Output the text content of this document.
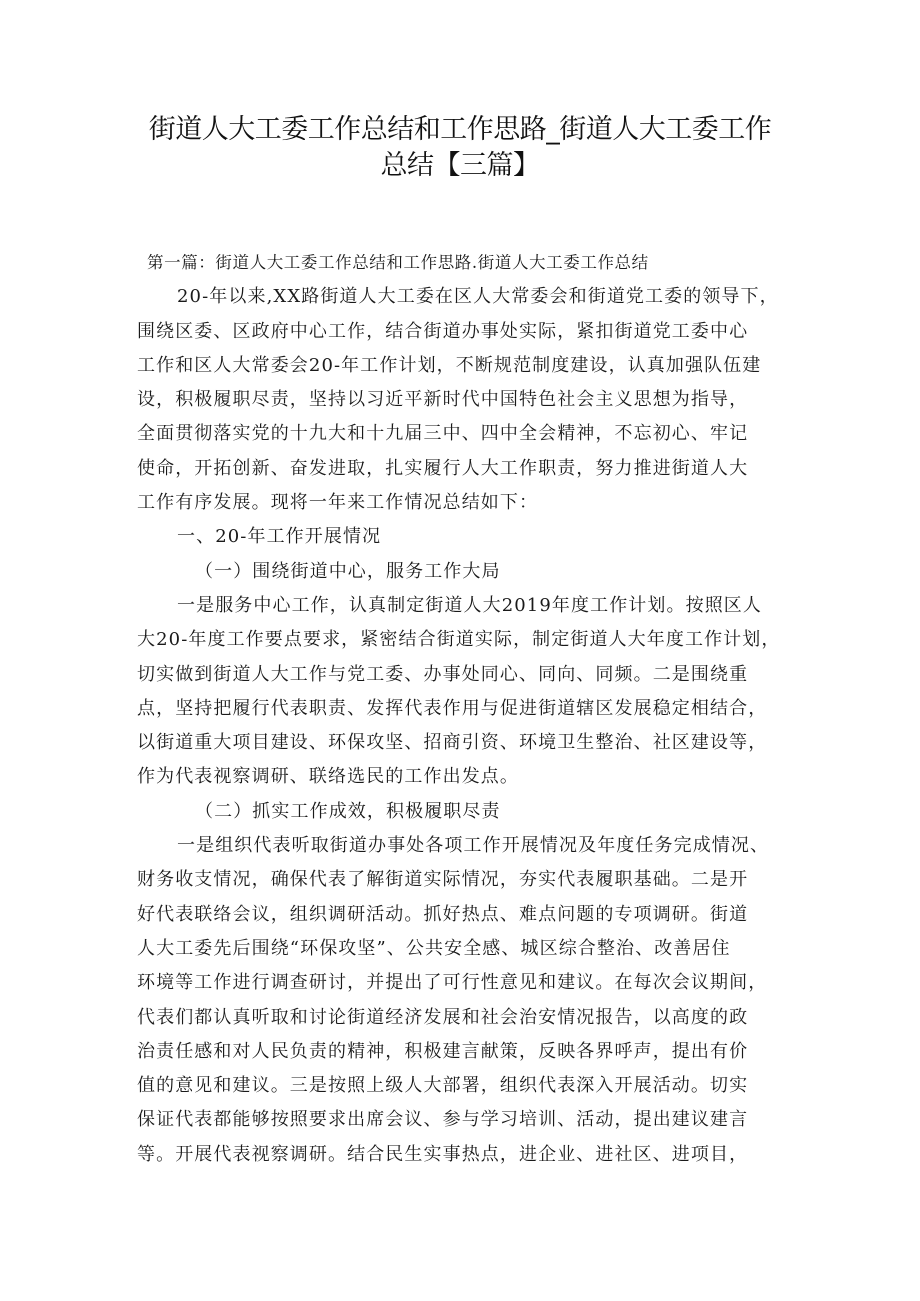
街道人大工委工作总结和工作思路_街道人大工委工作
总结【三篇】
第一篇：街道人大工委工作总结和工作思路.街道人大工委工作总结
20-年以来,XX路街道人大工委在区人大常委会和街道党工委的领导下，
围绕区委、区政府中心工作，结合街道办事处实际，紧扣街道党工委中心
工作和区人大常委会20-年工作计划，不断规范制度建设，认真加强队伍建
设，积极履职尽责，坚持以习近平新时代中国特色社会主义思想为指导，
全面贯彻落实党的十九大和十九届三中、四中全会精神，不忘初心、牢记
使命，开拓创新、奋发进取，扎实履行人大工作职责，努力推进街道人大
工作有序发展。现将一年来工作情况总结如下：
一、20-年工作开展情况
（一）围绕街道中心，服务工作大局
一是服务中心工作，认真制定街道人大2019年度工作计划。按照区人
大20-年度工作要点要求，紧密结合街道实际，制定街道人大年度工作计划，
切实做到街道人大工作与党工委、办事处同心、同向、同频。二是围绕重
点，坚持把履行代表职责、发挥代表作用与促进街道辖区发展稳定相结合，
以街道重大项目建设、环保攻坚、招商引资、环境卫生整治、社区建设等，
作为代表视察调研、联络选民的工作出发点。
（二）抓实工作成效，积极履职尽责
一是组织代表听取街道办事处各项工作开展情况及年度任务完成情况、
财务收支情况，确保代表了解街道实际情况，夯实代表履职基础。二是开
好代表联络会议，组织调研活动。抓好热点、难点问题的专项调研。街道
人大工委先后围绕“环保攻坚”、公共安全感、城区综合整治、改善居住
环境等工作进行调查研讨，并提出了可行性意见和建议。在每次会议期间，
代表们都认真听取和讨论街道经济发展和社会治安情况报告，以高度的政
治责任感和对人民负责的精神，积极建言献策，反映各界呼声，提出有价
值的意见和建议。三是按照上级人大部署，组织代表深入开展活动。切实
保证代表都能够按照要求出席会议、参与学习培训、活动，提出建议建言
等。开展代表视察调研。结合民生实事热点，进企业、进社区、进项目，
